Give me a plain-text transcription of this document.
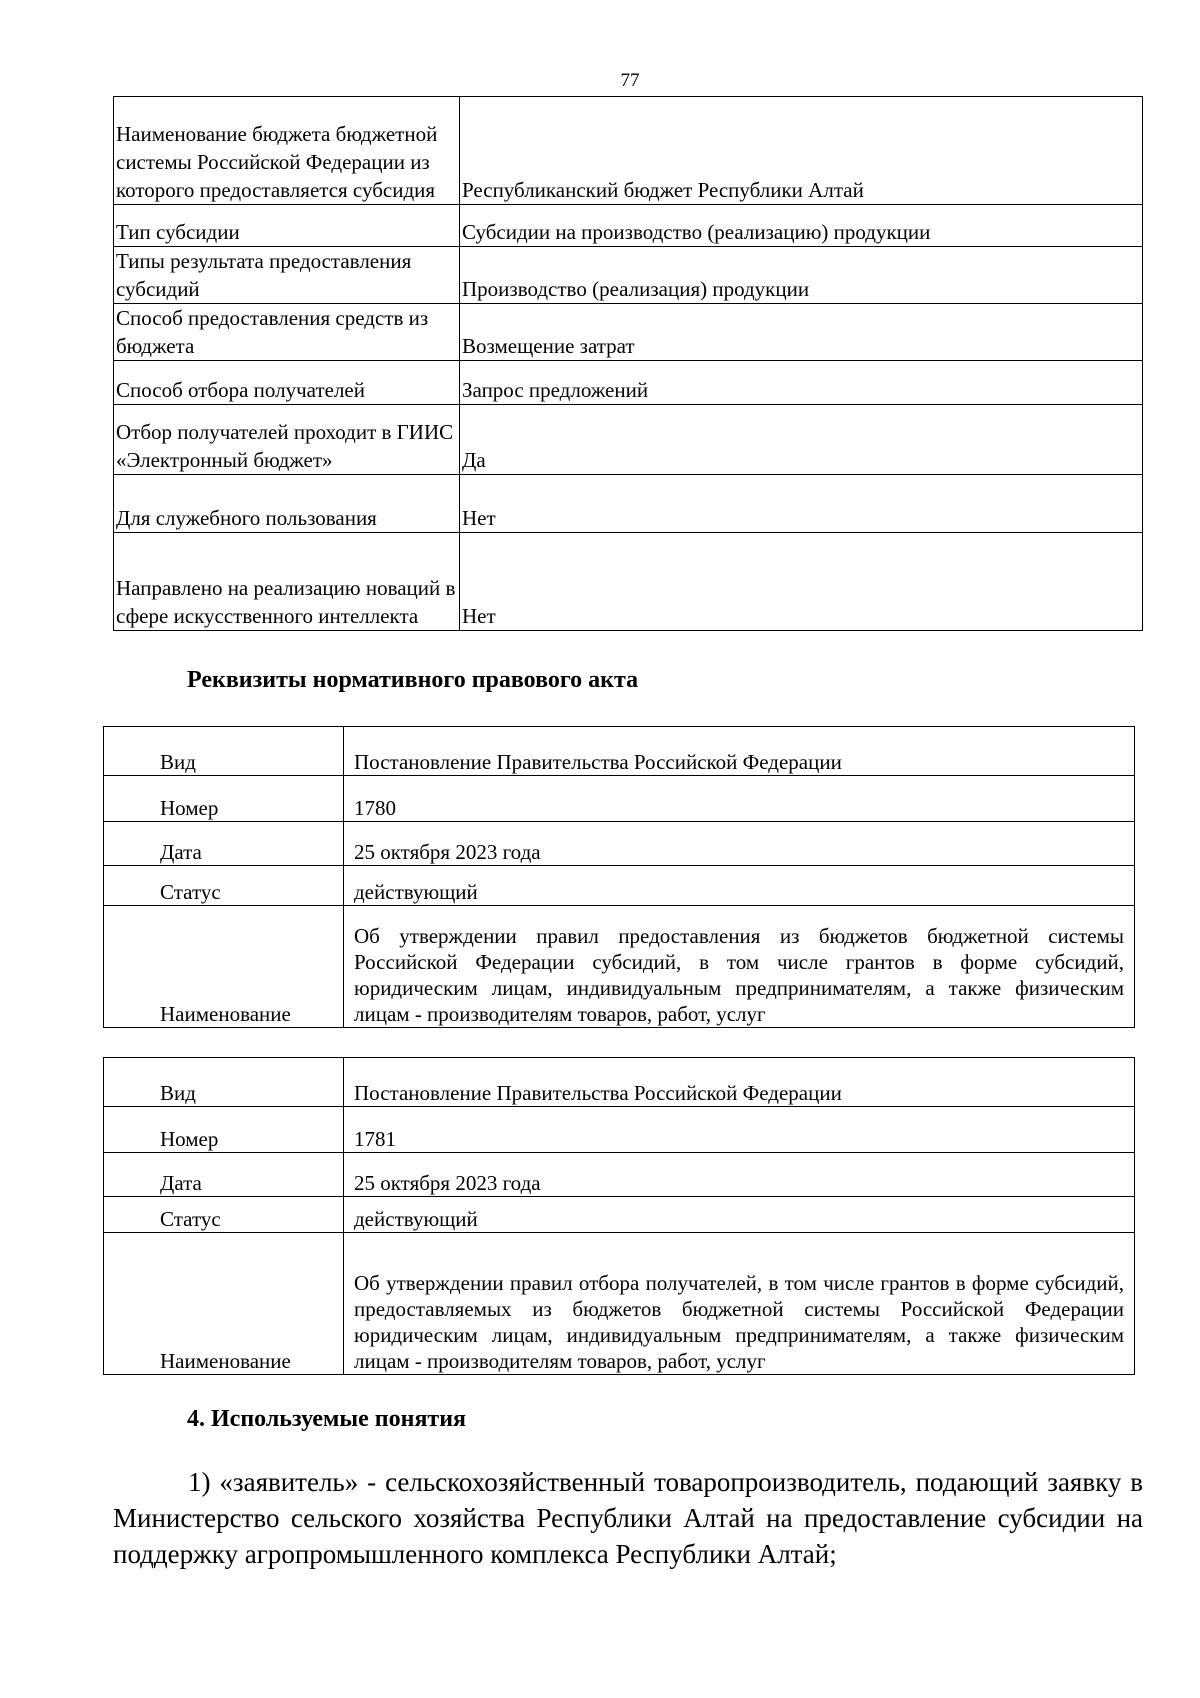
77
Наименование бюджета бюджетной системы Российской Федерации из которого предоставляется субсидия	Республиканский бюджет Республики Алтай
Тип субсидии	Субсидии на производство (реализацию) продукции
Типы результата предоставления субсидий	Производство (реализация) продукции
Способ предоставления средств из бюджета	Возмещение затрат
Способ отбора получателей	Запрос предложений
Отбор получателей проходит в ГИИС «Электронный бюджет»	Да
Для служебного пользования	Нет
Направлено на реализацию новаций в сфере искусственного интеллекта	Нет
Реквизиты нормативного правового акта
Вид	Постановление Правительства Российской Федерации
Номер	1780
Дата	25 октября 2023 года
Статус	действующий
Наименование	Об утверждении правил предоставления из бюджетов бюджетной системы Российской Федерации субсидий, в том числе грантов в форме субсидий, юридическим лицам, индивидуальным предпринимателям, а также физическим лицам - производителям товаров, работ, услуг
Вид	Постановление Правительства Российской Федерации
Номер	1781
Дата	25 октября 2023 года
Статус	действующий
Наименование	Об утверждении правил отбора получателей, в том числе грантов в форме субсидий, предоставляемых из бюджетов бюджетной системы Российской Федерации юридическим лицам, индивидуальным предпринимателям, а также физическим лицам - производителям товаров, работ, услуг
4. Используемые понятия

1) «заявитель» - сельскохозяйственный товаропроизводитель, подающий заявку в Министерство сельского хозяйства Республики Алтай на предоставление субсидии на поддержку агропромышленного комплекса Республики Алтай;
